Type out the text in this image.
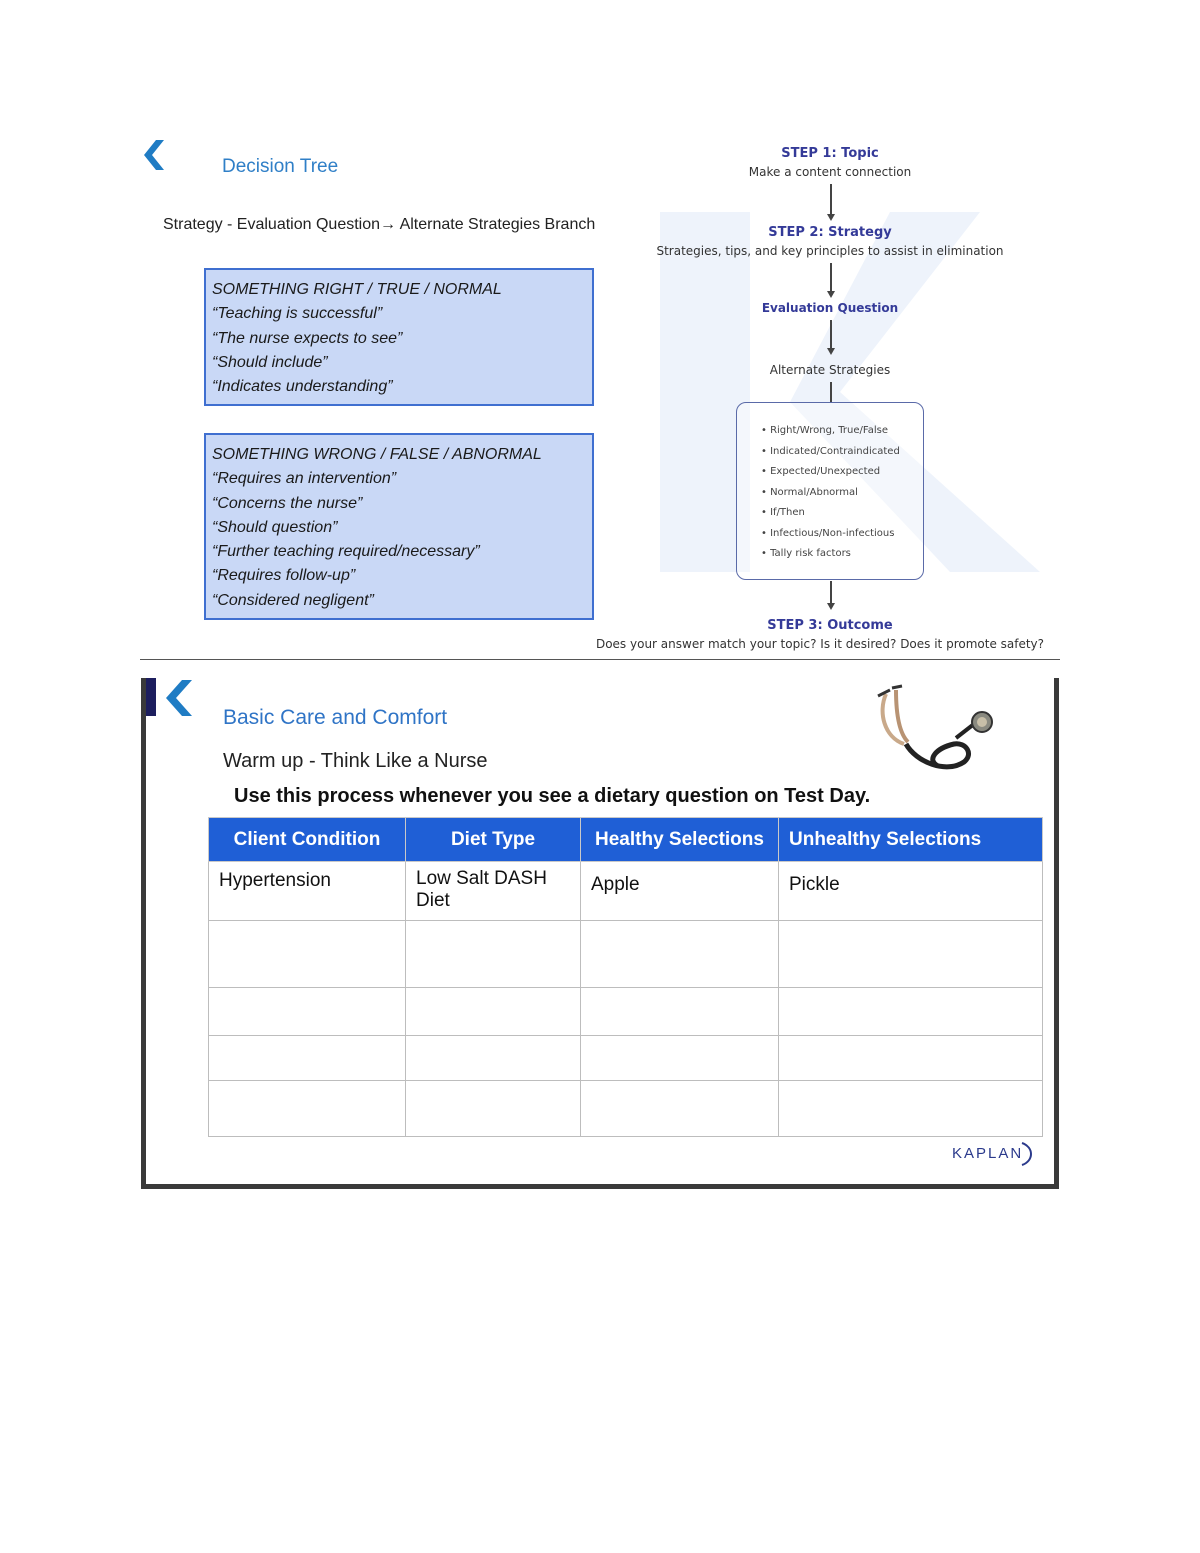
Decision Tree
Strategy - Evaluation Question→ Alternate Strategies Branch
SOMETHING RIGHT / TRUE / NORMAL
“Teaching is successful”
“The nurse expects to see”
“Should include”
“Indicates understanding”
SOMETHING WRONG / FALSE / ABNORMAL
“Requires an intervention”
“Concerns the nurse”
“Should question”
“Further teaching required/necessary”
“Requires follow-up”
“Considered negligent”
STEP 1: Topic
Make a content connection
STEP 2: Strategy
Strategies, tips, and key principles to assist in elimination
Evaluation Question
Alternate Strategies
• Right/Wrong, True/False
• Indicated/Contraindicated
• Expected/Unexpected
• Normal/Abnormal
• If/Then
• Infectious/Non-infectious
• Tally risk factors
STEP 3: Outcome
Does your answer match your topic? Is it desired? Does it promote safety?
Basic Care and Comfort
Warm up - Think Like a Nurse
Use this process whenever you see a dietary question on Test Day.
Client Condition	Diet Type	Healthy Selections	Unhealthy Selections
Hypertension	Low Salt DASH Diet	Apple	Pickle

KAPLAN
